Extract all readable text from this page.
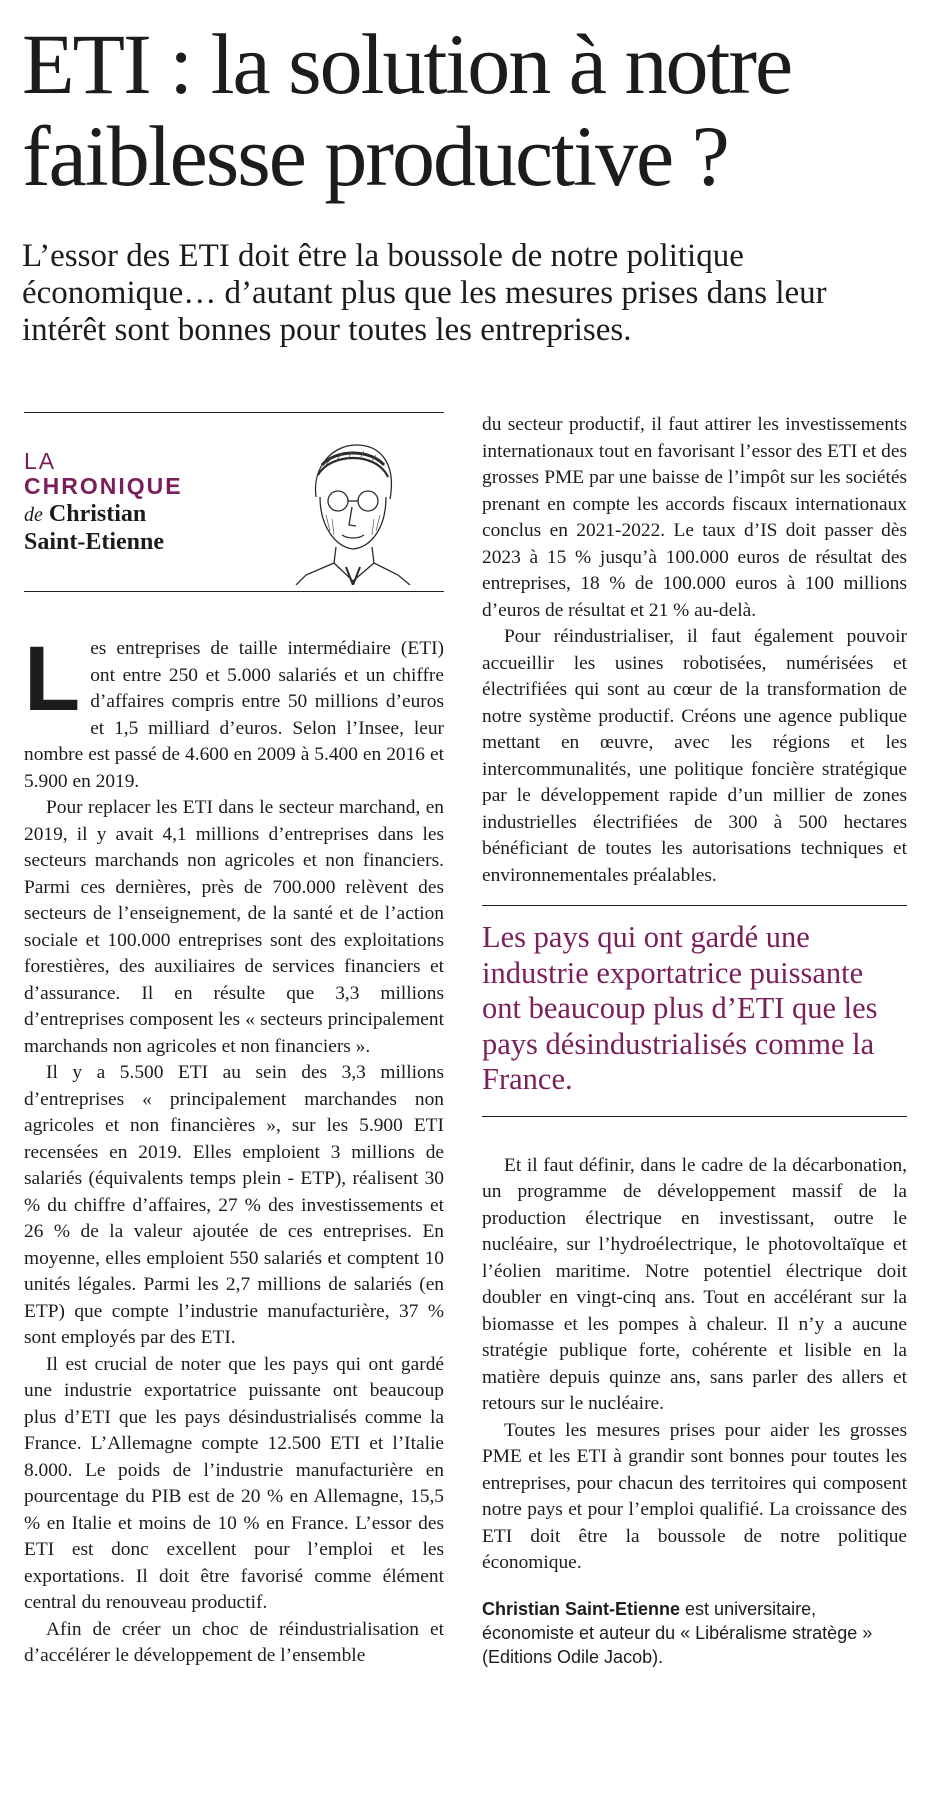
ETI : la solution à notre
faiblesse productive ?

L’essor des ETI doit être la boussole de notre politique économique… d’autant plus que les mesures prises dans leur intérêt sont bonnes pour toutes les entreprises.

LA
CHRONIQUE
de Christian
Saint-Etienne

Les entreprises de taille intermédiaire (ETI) ont entre 250 et 5.000 salariés et un chiffre d’affaires compris entre 50 millions d’euros et 1,5 milliard d’euros. Selon l’Insee, leur nombre est passé de 4.600 en 2009 à 5.400 en 2016 et 5.900 en 2019.

Pour replacer les ETI dans le secteur marchand, en 2019, il y avait 4,1 millions d’entreprises dans les secteurs marchands non agricoles et non financiers. Parmi ces dernières, près de 700.000 relèvent des secteurs de l’enseignement, de la santé et de l’action sociale et 100.000 entreprises sont des exploitations forestières, des auxiliaires de services financiers et d’assurance. Il en résulte que 3,3 millions d’entreprises composent les « secteurs principalement marchands non agricoles et non financiers ».

Il y a 5.500 ETI au sein des 3,3 millions d’entreprises « principalement marchandes non agricoles et non financières », sur les 5.900 ETI recensées en 2019. Elles emploient 3 millions de salariés (équivalents temps plein - ETP), réalisent 30 % du chiffre d’affaires, 27 % des investissements et 26 % de la valeur ajoutée de ces entreprises. En moyenne, elles emploient 550 salariés et comptent 10 unités légales. Parmi les 2,7 millions de salariés (en ETP) que compte l’industrie manufacturière, 37 % sont employés par des ETI.

Il est crucial de noter que les pays qui ont gardé une industrie exportatrice puissante ont beaucoup plus d’ETI que les pays désindustrialisés comme la France. L’Allemagne compte 12.500 ETI et l’Italie 8.000. Le poids de l’industrie manufacturière en pourcentage du PIB est de 20 % en Allemagne, 15,5 % en Italie et moins de 10 % en France. L’essor des ETI est donc excellent pour l’emploi et les exportations. Il doit être favorisé comme élément central du renouveau productif.

Afin de créer un choc de réindustrialisation et d’accélérer le développement de l’ensemble

du secteur productif, il faut attirer les investissements internationaux tout en favorisant l’essor des ETI et des grosses PME par une baisse de l’impôt sur les sociétés prenant en compte les accords fiscaux internationaux conclus en 2021-2022. Le taux d’IS doit passer dès 2023 à 15 % jusqu’à 100.000 euros de résultat des entreprises, 18 % de 100.000 euros à 100 millions d’euros de résultat et 21 % au-delà.

Pour réindustrialiser, il faut également pouvoir accueillir les usines robotisées, numérisées et électrifiées qui sont au cœur de la transformation de notre système productif. Créons une agence publique mettant en œuvre, avec les régions et les intercommunalités, une politique foncière stratégique par le développement rapide d’un millier de zones industrielles électrifiées de 300 à 500 hectares bénéficiant de toutes les autorisations techniques et environnementales préalables.

Les pays qui ont gardé une industrie exportatrice puissante ont beaucoup plus d’ETI que les pays désindustrialisés comme la France.

Et il faut définir, dans le cadre de la décarbonation, un programme de développement massif de la production électrique en investissant, outre le nucléaire, sur l’hydroélectrique, le photovoltaïque et l’éolien maritime. Notre potentiel électrique doit doubler en vingt-cinq ans. Tout en accélérant sur la biomasse et les pompes à chaleur. Il n’y a aucune stratégie publique forte, cohérente et lisible en la matière depuis quinze ans, sans parler des allers et retours sur le nucléaire.

Toutes les mesures prises pour aider les grosses PME et les ETI à grandir sont bonnes pour toutes les entreprises, pour chacun des territoires qui composent notre pays et pour l’emploi qualifié. La croissance des ETI doit être la boussole de notre politique économique.

Christian Saint-Etienne est universitaire, économiste et auteur du « Libéralisme stratège » (Editions Odile Jacob).
